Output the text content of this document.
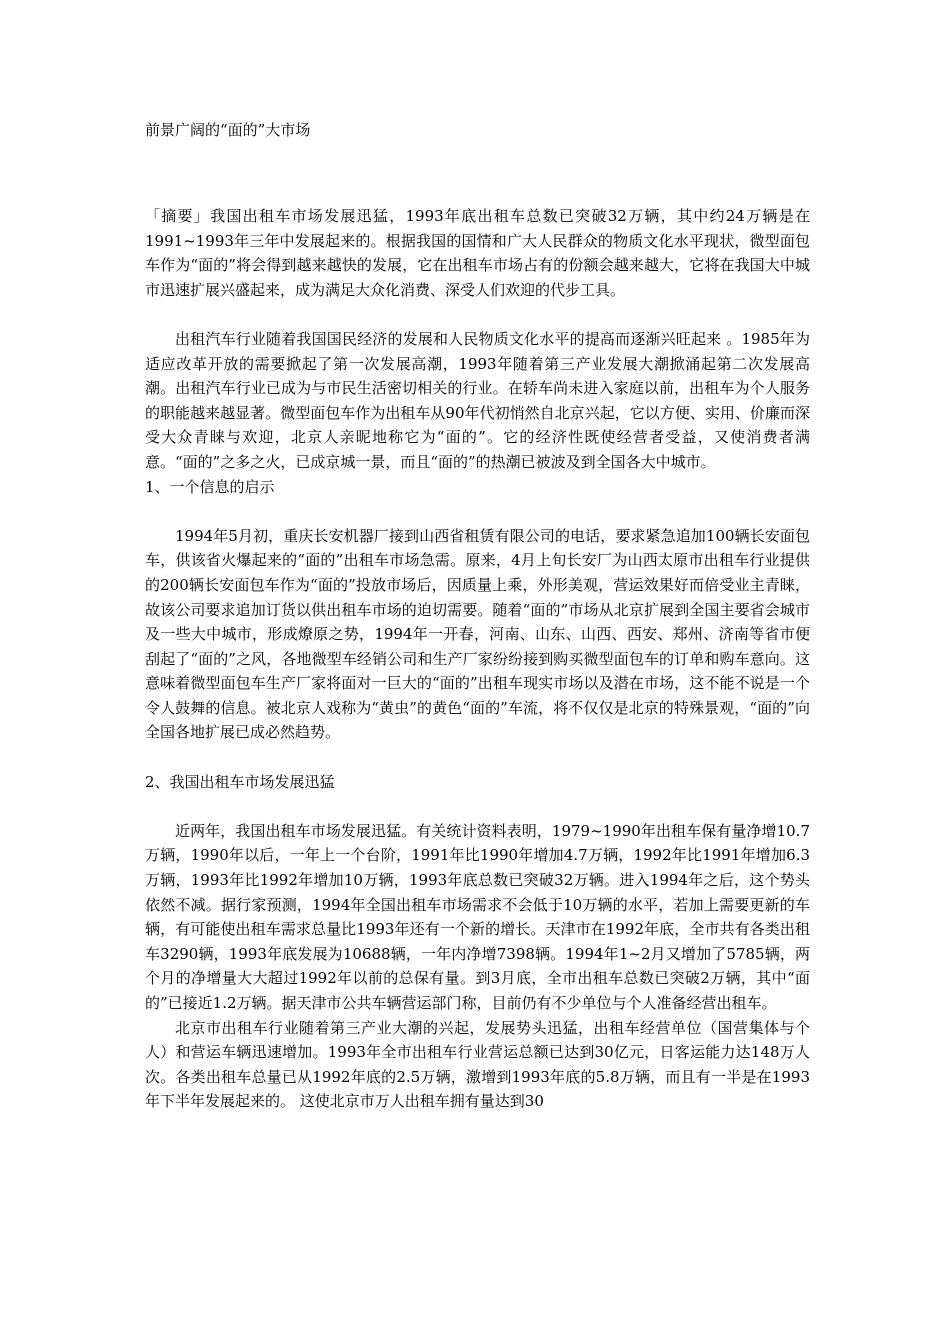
前景广阔的“面的”大市场

「摘要」我国出租车市场发展迅猛，1993年底出租车总数已突破32万辆，其中约24万辆是在1991~1993年三年中发展起来的。根据我国的国情和广大人民群众的物质文化水平现状，微型面包车作为“面的”将会得到越来越快的发展，它在出租车市场占有的份额会越来越大，它将在我国大中城市迅速扩展兴盛起来，成为满足大众化消费、深受人们欢迎的代步工具。

出租汽车行业随着我国国民经济的发展和人民物质文化水平的提高而逐渐兴旺起来 。1985年为适应改革开放的需要掀起了第一次发展高潮，1993年随着第三产业发展大潮掀涌起第二次发展高潮。出租汽车行业已成为与市民生活密切相关的行业。在轿车尚未进入家庭以前，出租车为个人服务的职能越来越显著。微型面包车作为出租车从90年代初悄然自北京兴起，它以方便、实用、价廉而深受大众青睐与欢迎，北京人亲昵地称它为“面的”。它的经济性既使经营者受益，又使消费者满意。“面的”之多之火，已成京城一景，而且“面的”的热潮已被波及到全国各大中城市。

1、一个信息的启示

1994年5月初，重庆长安机器厂接到山西省租赁有限公司的电话，要求紧急追加100辆长安面包车，供该省火爆起来的“面的”出租车市场急需。原来，4月上旬长安厂为山西太原市出租车行业提供的200辆长安面包车作为“面的”投放市场后，因质量上乘，外形美观，营运效果好而倍受业主青睐，故该公司要求追加订货以供出租车市场的迫切需要。随着“面的”市场从北京扩展到全国主要省会城市及一些大中城市，形成燎原之势，1994年一开春，河南、山东、山西、西安、郑州、济南等省市便刮起了“面的”之风，各地微型车经销公司和生产厂家纷纷接到购买微型面包车的订单和购车意向。这意味着微型面包车生产厂家将面对一巨大的“面的”出租车现实市场以及潜在市场，这不能不说是一个令人鼓舞的信息。被北京人戏称为“黄虫”的黄色“面的”车流，将不仅仅是北京的特殊景观，“面的”向全国各地扩展已成必然趋势。

2、我国出租车市场发展迅猛

近两年，我国出租车市场发展迅猛。有关统计资料表明，1979~1990年出租车保有量净增10.7万辆，1990年以后，一年上一个台阶，1991年比1990年增加4.7万辆，1992年比1991年增加6.3万辆，1993年比1992年增加10万辆，1993年底总数已突破32万辆。进入1994年之后，这个势头依然不减。据行家预测，1994年全国出租车市场需求不会低于10万辆的水平，若加上需要更新的车辆，有可能使出租车需求总量比1993年还有一个新的增长。天津市在1992年底，全市共有各类出租车3290辆，1993年底发展为10688辆，一年内净增7398辆。1994年1~2月又增加了5785辆，两个月的净增量大大超过1992年以前的总保有量。到3月底，全市出租车总数已突破2万辆，其中“面的”已接近1.2万辆。据天津市公共车辆营运部门称，目前仍有不少单位与个人准备经营出租车。

北京市出租车行业随着第三产业大潮的兴起，发展势头迅猛，出租车经营单位（国营集体与个人）和营运车辆迅速增加。1993年全市出租车行业营运总额已达到30亿元，日客运能力达148万人次。各类出租车总量已从1992年底的2.5万辆，激增到1993年底的5.8万辆，而且有一半是在1993年下半年发展起来的。 这使北京市万人出租车拥有量达到30
